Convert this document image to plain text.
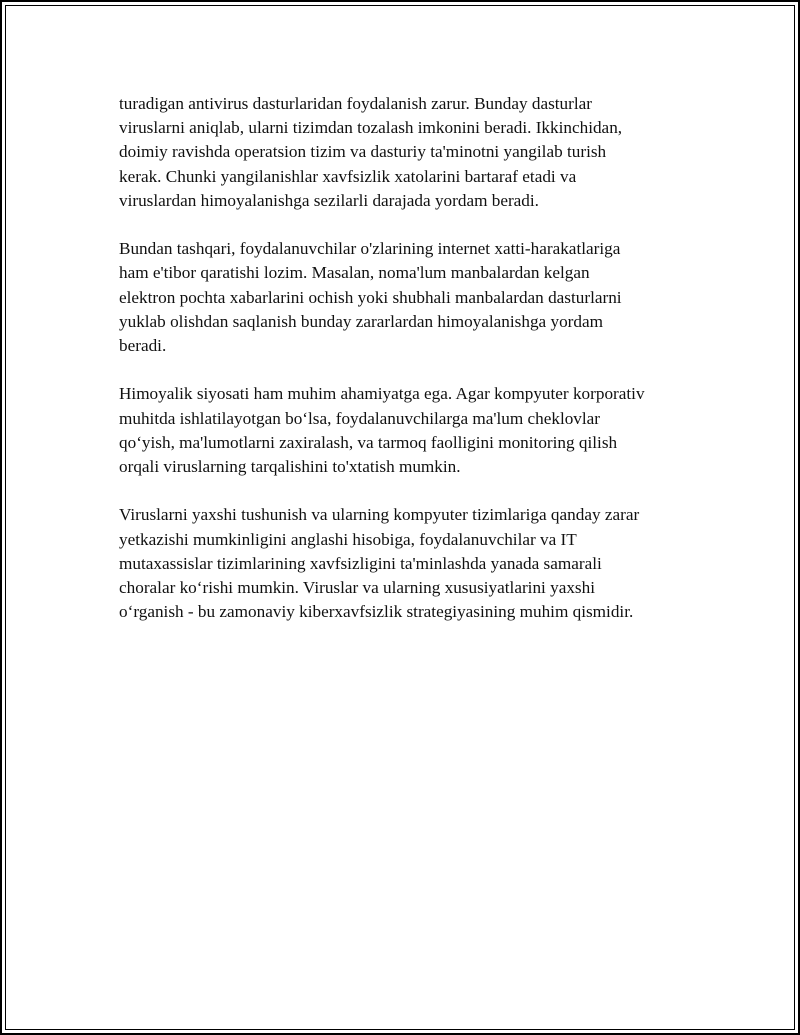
turadigan antivirus dasturlaridan foydalanish zarur. Bunday dasturlar
viruslarni aniqlab, ularni tizimdan tozalash imkonini beradi. Ikkinchidan,
doimiy ravishda operatsion tizim va dasturiy ta'minotni yangilab turish
kerak. Chunki yangilanishlar xavfsizlik xatolarini bartaraf etadi va
viruslardan himoyalanishga sezilarli darajada yordam beradi.

Bundan tashqari, foydalanuvchilar o'zlarining internet xatti-harakatlariga
ham e'tibor qaratishi lozim. Masalan, noma'lum manbalardan kelgan
elektron pochta xabarlarini ochish yoki shubhali manbalardan dasturlarni
yuklab olishdan saqlanish bunday zararlardan himoyalanishga yordam
beradi.

Himoyalik siyosati ham muhim ahamiyatga ega. Agar kompyuter korporativ
muhitda ishlatilayotgan bo‘lsa, foydalanuvchilarga ma'lum cheklovlar
qo‘yish, ma'lumotlarni zaxiralash, va tarmoq faolligini monitoring qilish
orqali viruslarning tarqalishini to'xtatish mumkin.

Viruslarni yaxshi tushunish va ularning kompyuter tizimlariga qanday zarar
yetkazishi mumkinligini anglashi hisobiga, foydalanuvchilar va IT
mutaxassislar tizimlarining xavfsizligini ta'minlashda yanada samarali
choralar ko‘rishi mumkin. Viruslar va ularning xususiyatlarini yaxshi
o‘rganish - bu zamonaviy kiberxavfsizlik strategiyasining muhim qismidir.
